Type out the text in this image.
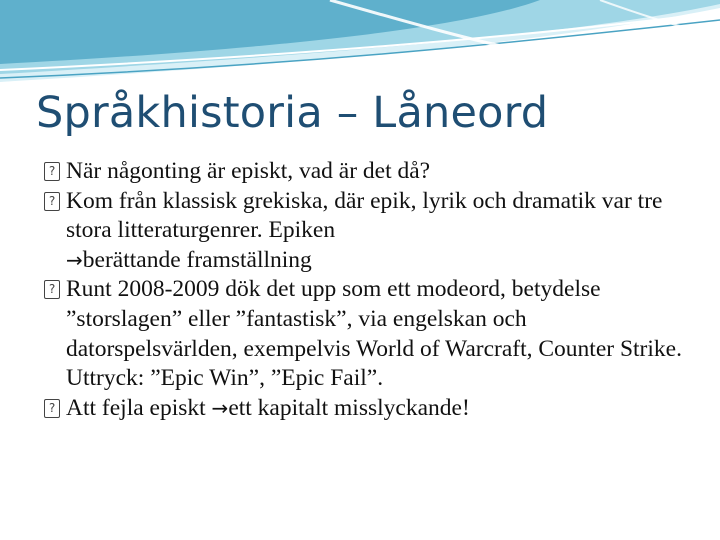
Språkhistoria – Låneord
? När någonting är episkt, vad är det då?
? Kom från klassisk grekiska, där epik, lyrik och dramatik var tre stora litteraturgenrer. Epiken
→berättande framställning
? Runt 2008-2009 dök det upp som ett modeord, betydelse ”storslagen” eller ”fantastisk”, via engelskan och datorspelsvärlden, exempelvis World of Warcraft, Counter Strike. Uttryck: ”Epic Win”, ”Epic Fail”.
? Att fejla episkt →ett kapitalt misslyckande!
